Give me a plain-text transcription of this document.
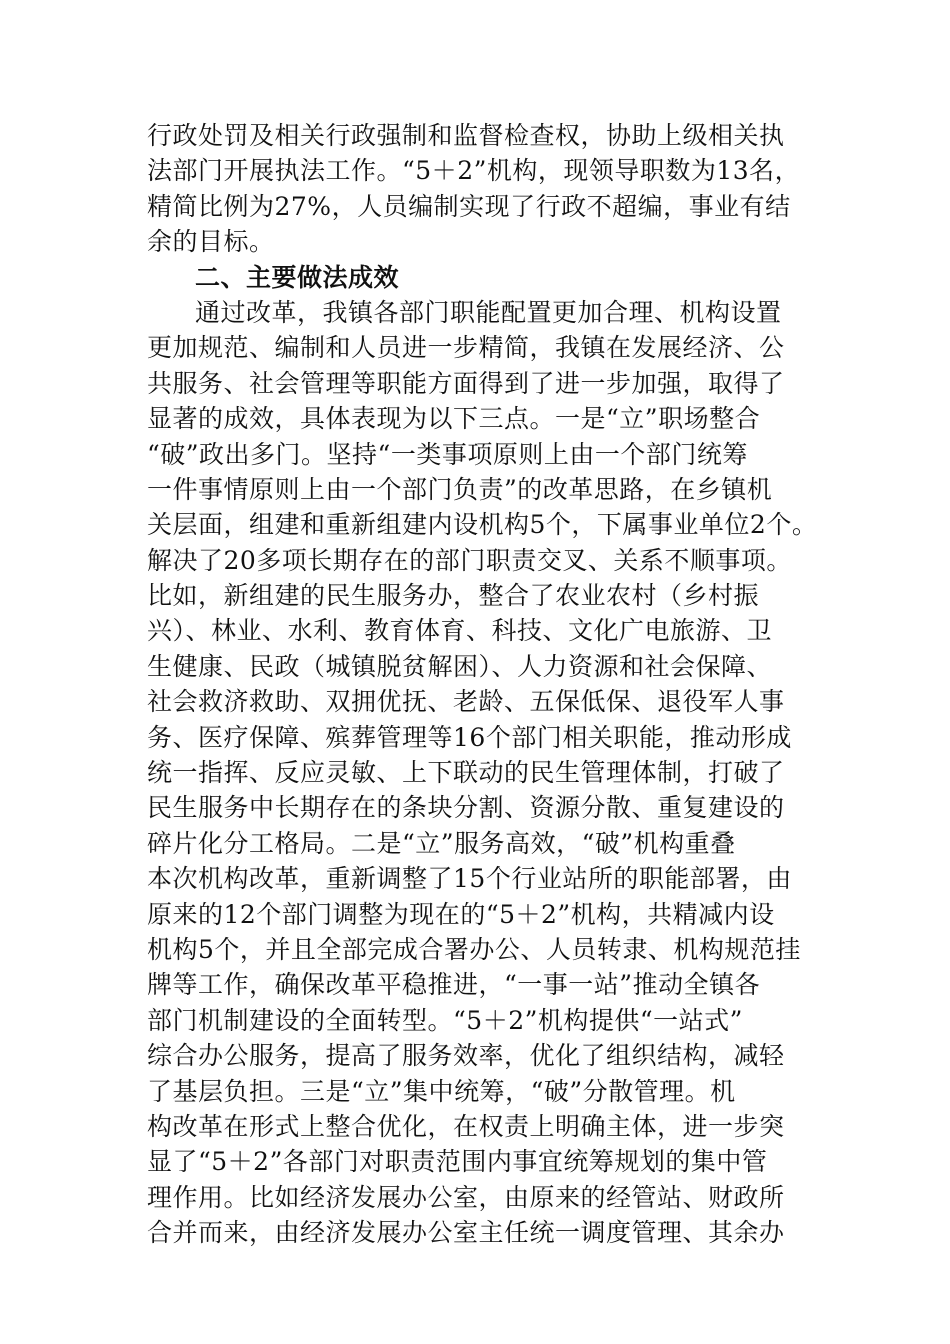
行政处罚及相关行政强制和监督检查权，协助上级相关执
法部门开展执法工作。“5＋2”机构，现领导职数为13名，
精简比例为27%，人员编制实现了行政不超编，事业有结
余的目标。
二、主要做法成效
通过改革，我镇各部门职能配置更加合理、机构设置
更加规范、编制和人员进一步精简，我镇在发展经济、公
共服务、社会管理等职能方面得到了进一步加强，取得了
显著的成效，具体表现为以下三点。一是“立”职场整合
“破”政出多门。坚持“一类事项原则上由一个部门统筹
一件事情原则上由一个部门负责”的改革思路，在乡镇机
关层面，组建和重新组建内设机构5个，下属事业单位2个。
解决了20多项长期存在的部门职责交叉、关系不顺事项。
比如，新组建的民生服务办，整合了农业农村（乡村振
兴）、林业、水利、教育体育、科技、文化广电旅游、卫
生健康、民政（城镇脱贫解困）、人力资源和社会保障、
社会救济救助、双拥优抚、老龄、五保低保、退役军人事
务、医疗保障、殡葬管理等16个部门相关职能，推动形成
统一指挥、反应灵敏、上下联动的民生管理体制，打破了
民生服务中长期存在的条块分割、资源分散、重复建设的
碎片化分工格局。二是“立”服务高效，“破”机构重叠
本次机构改革，重新调整了15个行业站所的职能部署，由
原来的12个部门调整为现在的“5＋2”机构，共精减内设
机构5个，并且全部完成合署办公、人员转隶、机构规范挂
牌等工作，确保改革平稳推进，“一事一站”推动全镇各
部门机制建设的全面转型。“5＋2”机构提供“一站式”
综合办公服务，提高了服务效率，优化了组织结构，减轻
了基层负担。三是“立”集中统筹，“破”分散管理。机
构改革在形式上整合优化，在权责上明确主体，进一步突
显了“5＋2”各部门对职责范围内事宜统筹规划的集中管
理作用。比如经济发展办公室，由原来的经管站、财政所
合并而来，由经济发展办公室主任统一调度管理、其余办
